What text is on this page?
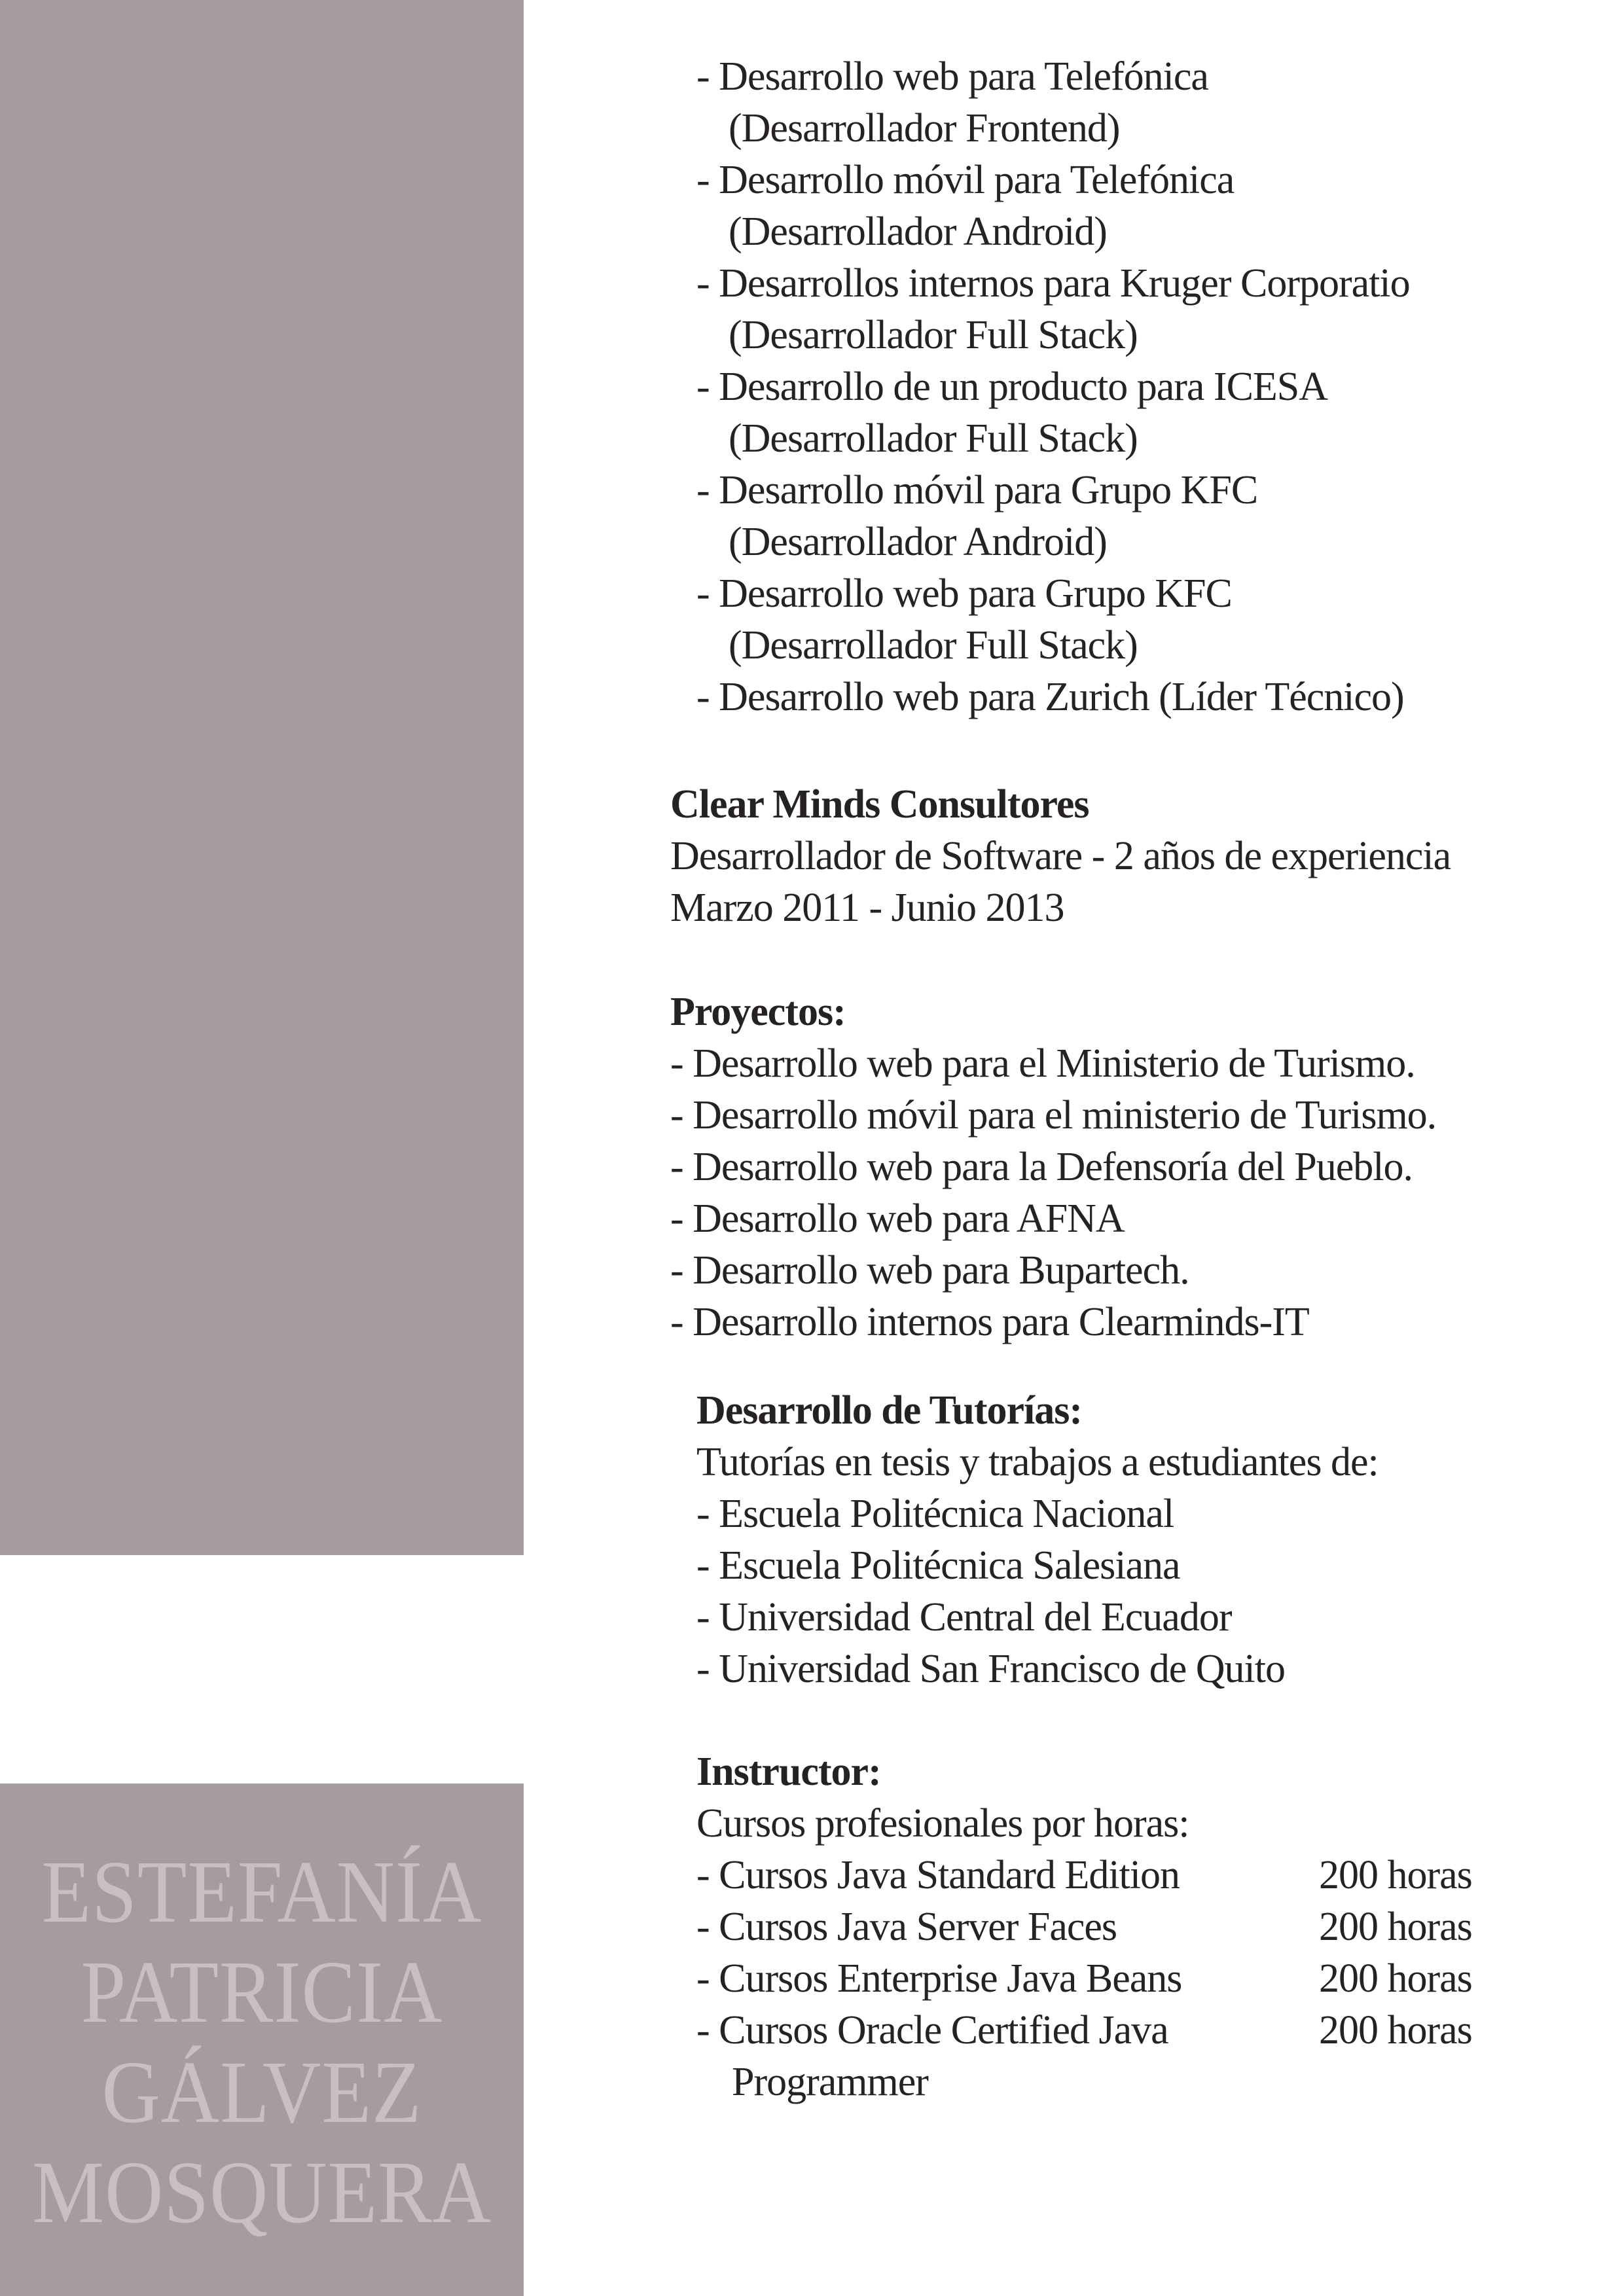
ESTEFANÍA
PATRICIA
GÁLVEZ
MOSQUERA
- Desarrollo web para Telefónica
(Desarrollador Frontend)
- Desarrollo móvil para Telefónica
(Desarrollador Android)
- Desarrollos internos para Kruger Corporatio
(Desarrollador Full Stack)
- Desarrollo de un producto para ICESA
(Desarrollador Full Stack)
- Desarrollo móvil para Grupo KFC
(Desarrollador Android)
- Desarrollo web para Grupo KFC
(Desarrollador Full Stack)
- Desarrollo web para Zurich (Líder Técnico)
Clear Minds Consultores
Desarrollador de Software - 2 años de experiencia
Marzo 2011 - Junio 2013
Proyectos:
- Desarrollo web para el Ministerio de Turismo.
- Desarrollo móvil para el ministerio de Turismo.
- Desarrollo web para la Defensoría del Pueblo.
- Desarrollo web para AFNA
- Desarrollo web para Bupartech.
- Desarrollo internos para Clearminds-IT
Desarrollo de Tutorías:
Tutorías en tesis y trabajos a estudiantes de:
- Escuela Politécnica Nacional
- Escuela Politécnica Salesiana
- Universidad Central del Ecuador
- Universidad San Francisco de Quito
Instructor:
Cursos profesionales por horas:
- Cursos Java Standard Edition	200 horas
- Cursos Java Server Faces	200 horas
- Cursos Enterprise Java Beans	200 horas
- Cursos Oracle Certified Java	200 horas
Programmer
